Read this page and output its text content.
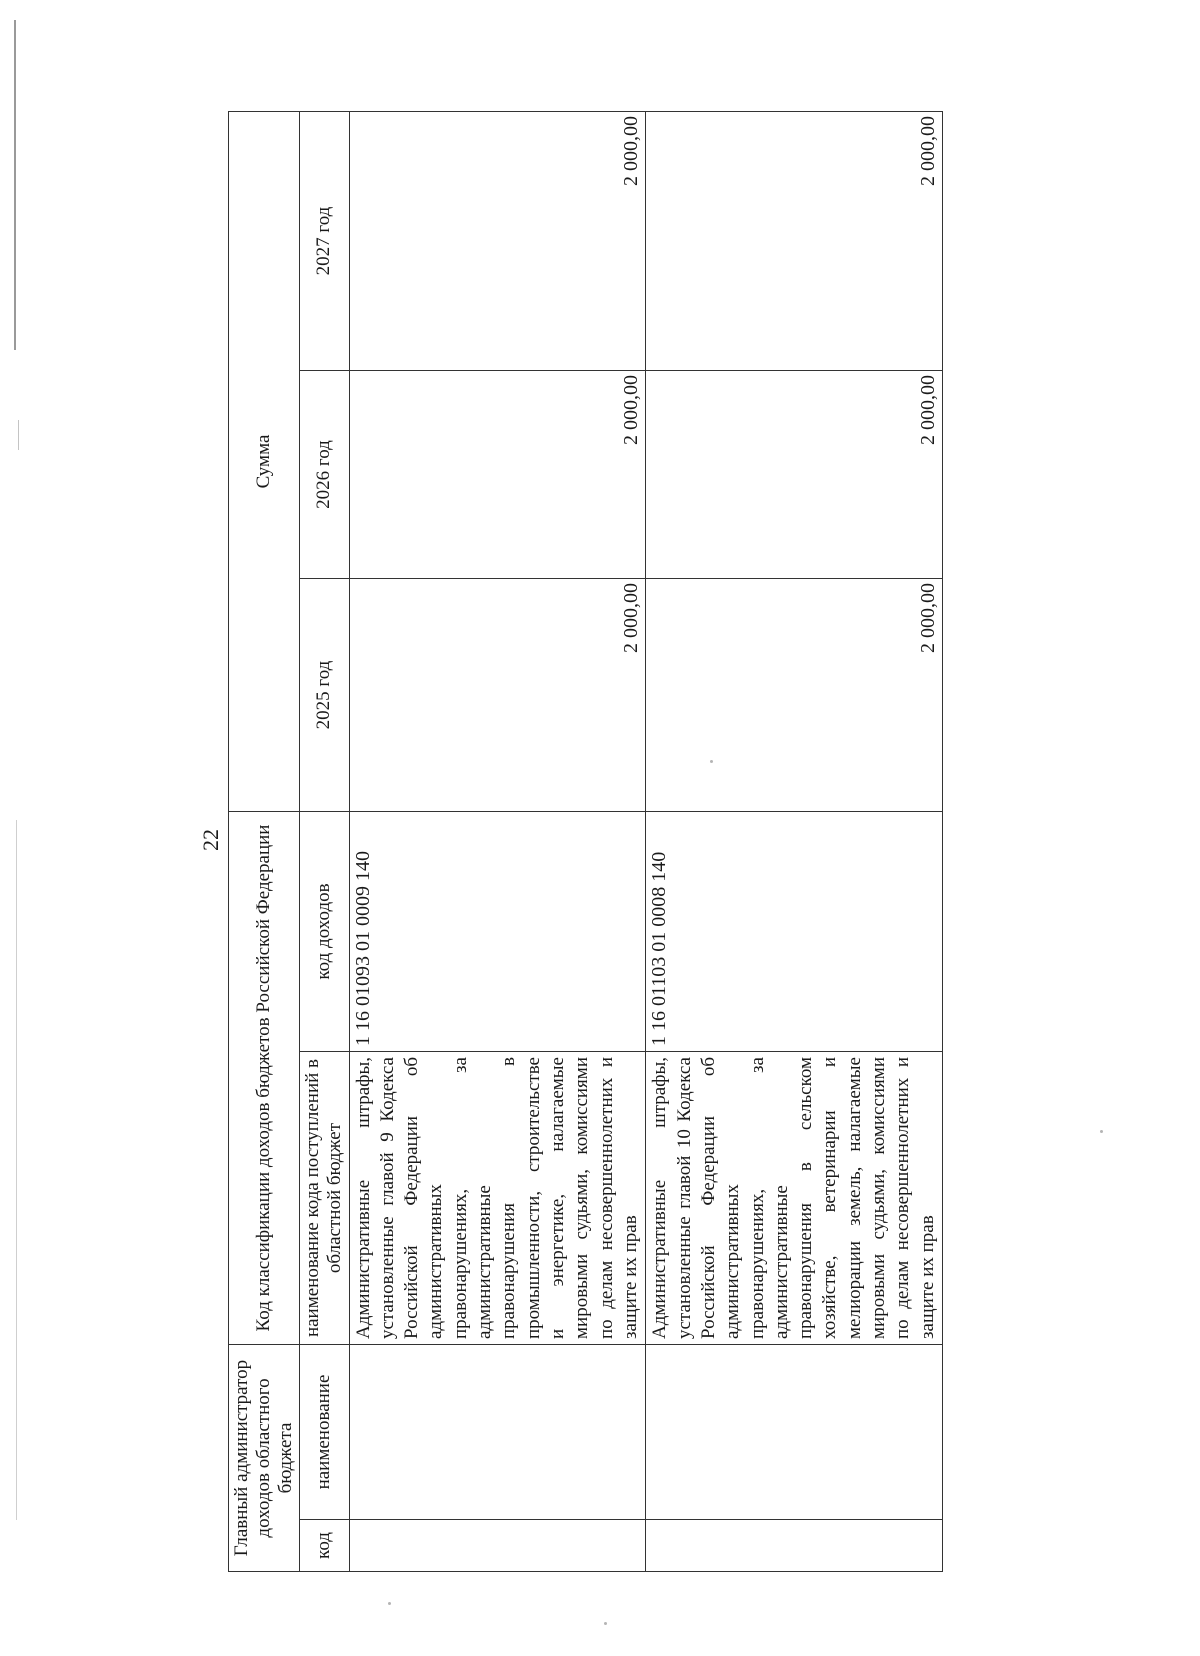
22
Главный администратор доходов областного бюджета		Код классификации доходов бюджетов Российской Федерации		Сумма		
код	наименование	наименование кода поступлений в областной бюджет	код доходов	2025 год	2026 год	2027 год
		Административные штрафы, установленные главой 9 Кодекса Российской Федерации об административных правонарушениях, за административные правонарушения в промышленности, строительстве и энергетике, налагаемые мировыми судьями, комиссиями по делам несовершеннолетних и защите их прав	1 16 01093 01 0009 140	2 000,00	2 000,00	2 000,00
		Административные штрафы, установленные главой 10 Кодекса Российской Федерации об административных правонарушениях, за административные правонарушения в сельском хозяйстве, ветеринарии и мелиорации земель, налагаемые мировыми судьями, комиссиями по делам несовершеннолетних и защите их прав	1 16 01103 01 0008 140	2 000,00	2 000,00	2 000,00
